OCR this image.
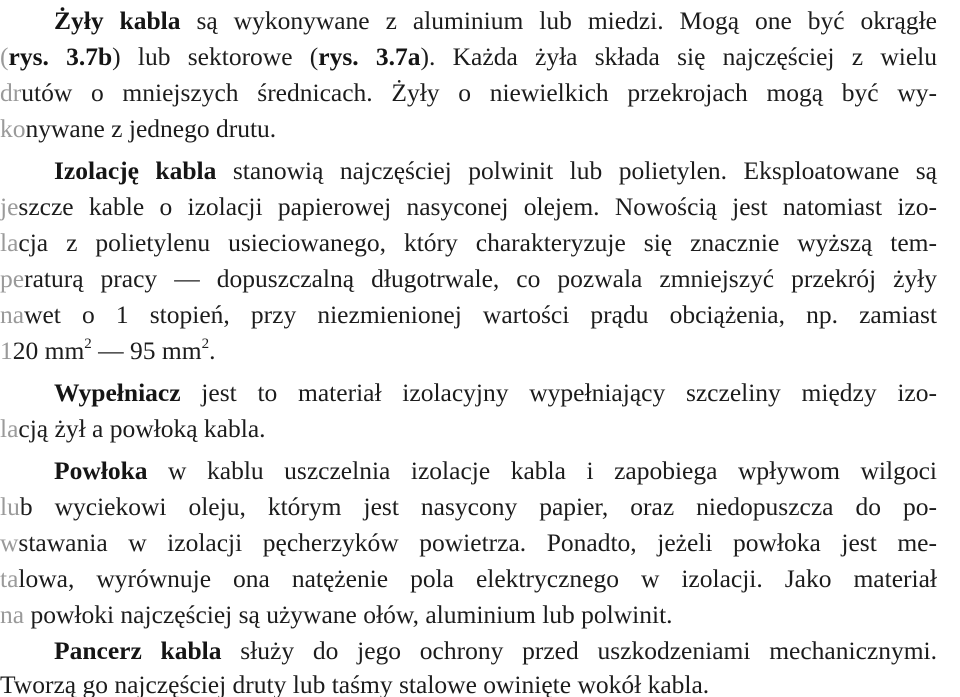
Żyły kabla są wykonywane z aluminium lub miedzi. Mogą one być okrągłe
(rys. 3.7b) lub sektorowe (rys. 3.7a). Każda żyła składa się najczęściej z wielu
drutów o mniejszych średnicach. Żyły o niewielkich przekrojach mogą być wy-
konywane z jednego drutu.
Izolację kabla stanowią najczęściej polwinit lub polietylen. Eksploatowane są
jeszcze kable o izolacji papierowej nasyconej olejem. Nowością jest natomiast izo-
lacja z polietylenu usieciowanego, który charakteryzuje się znacznie wyższą tem-
peraturą pracy — dopuszczalną długotrwale, co pozwala zmniejszyć przekrój żyły
nawet o 1 stopień, przy niezmienionej wartości prądu obciążenia, np. zamiast
120 $mm^2$ — 95 $mm^2$.
Wypełniacz jest to materiał izolacyjny wypełniający szczeliny między izo-
lacją żył a powłoką kabla.
Powłoka w kablu uszczelnia izolacje kabla i zapobiega wpływom wilgoci
lub wyciekowi oleju, którym jest nasycony papier, oraz niedopuszcza do po-
wstawania w izolacji pęcherzyków powietrza. Ponadto, jeżeli powłoka jest me-
talowa, wyrównuje ona natężenie pola elektrycznego w izolacji. Jako materiał
na powłoki najczęściej są używane ołów, aluminium lub polwinit.
Pancerz kabla służy do jego ochrony przed uszkodzeniami mechanicznymi.
Tworzą go najczęściej druty lub taśmy stalowe owinięte wokół kabla.
